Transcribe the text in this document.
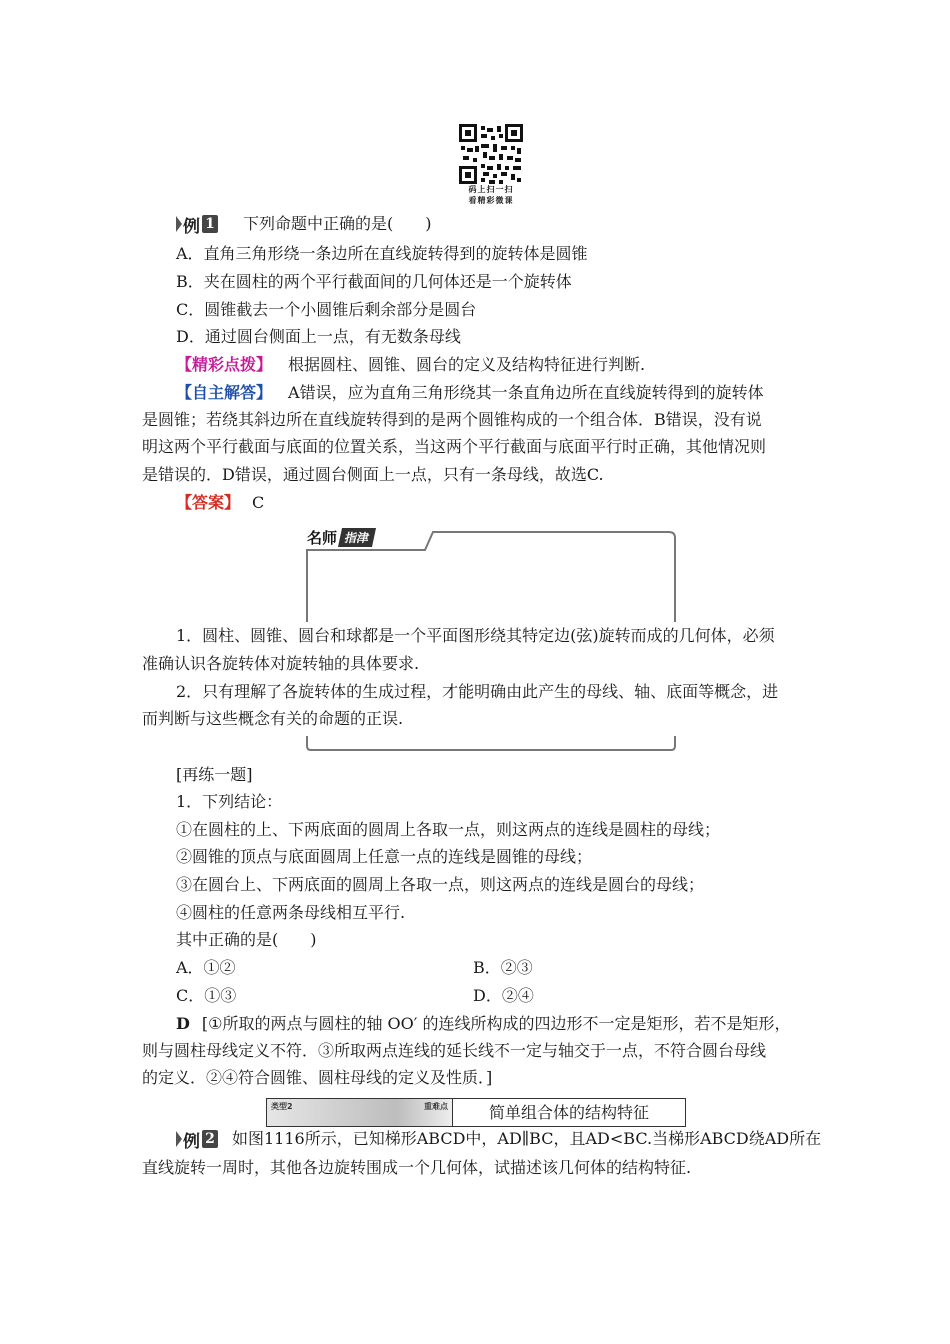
码上扫一扫
看精彩微课
例 1 下列命题中正确的是(　　)
A．直角三角形绕一条边所在直线旋转得到的旋转体是圆锥
B．夹在圆柱的两个平行截面间的几何体还是一个旋转体
C．圆锥截去一个小圆锥后剩余部分是圆台
D．通过圆台侧面上一点，有无数条母线
【精彩点拨】 根据圆柱、圆锥、圆台的定义及结构特征进行判断.
【自主解答】 A错误，应为直角三角形绕其一条直角边所在直线旋转得到的旋转体
是圆锥；若绕其斜边所在直线旋转得到的是两个圆锥构成的一个组合体．B错误，没有说
明这两个平行截面与底面的位置关系，当这两个平行截面与底面平行时正确，其他情况则
是错误的．D错误，通过圆台侧面上一点，只有一条母线，故选C.
【答案】 C
名师 指津
1．圆柱、圆锥、圆台和球都是一个平面图形绕其特定边(弦)旋转而成的几何体，必须
准确认识各旋转体对旋转轴的具体要求.
2．只有理解了各旋转体的生成过程，才能明确由此产生的母线、轴、底面等概念，进
而判断与这些概念有关的命题的正误.
[再练一题]
1．下列结论：
①在圆柱的上、下两底面的圆周上各取一点，则这两点的连线是圆柱的母线；
②圆锥的顶点与底面圆周上任意一点的连线是圆锥的母线；
③在圆台上、下两底面的圆周上各取一点，则这两点的连线是圆台的母线；
④圆柱的任意两条母线相互平行.
其中正确的是(　　)
A．①②	B．②③
C．①③	D．②④
D [①所取的两点与圆柱的轴 OO′ 的连线所构成的四边形不一定是矩形，若不是矩形，
则与圆柱母线定义不符．③所取两点连线的延长线不一定与轴交于一点，不符合圆台母线
的定义．②④符合圆锥、圆柱母线的定义及性质．]
类型2	重难点	简单组合体的结构特征
例 2 如图1116所示，已知梯形ABCD中，AD∥BC，且AD<BC.当梯形ABCD绕AD所在
直线旋转一周时，其他各边旋转围成一个几何体，试描述该几何体的结构特征.
